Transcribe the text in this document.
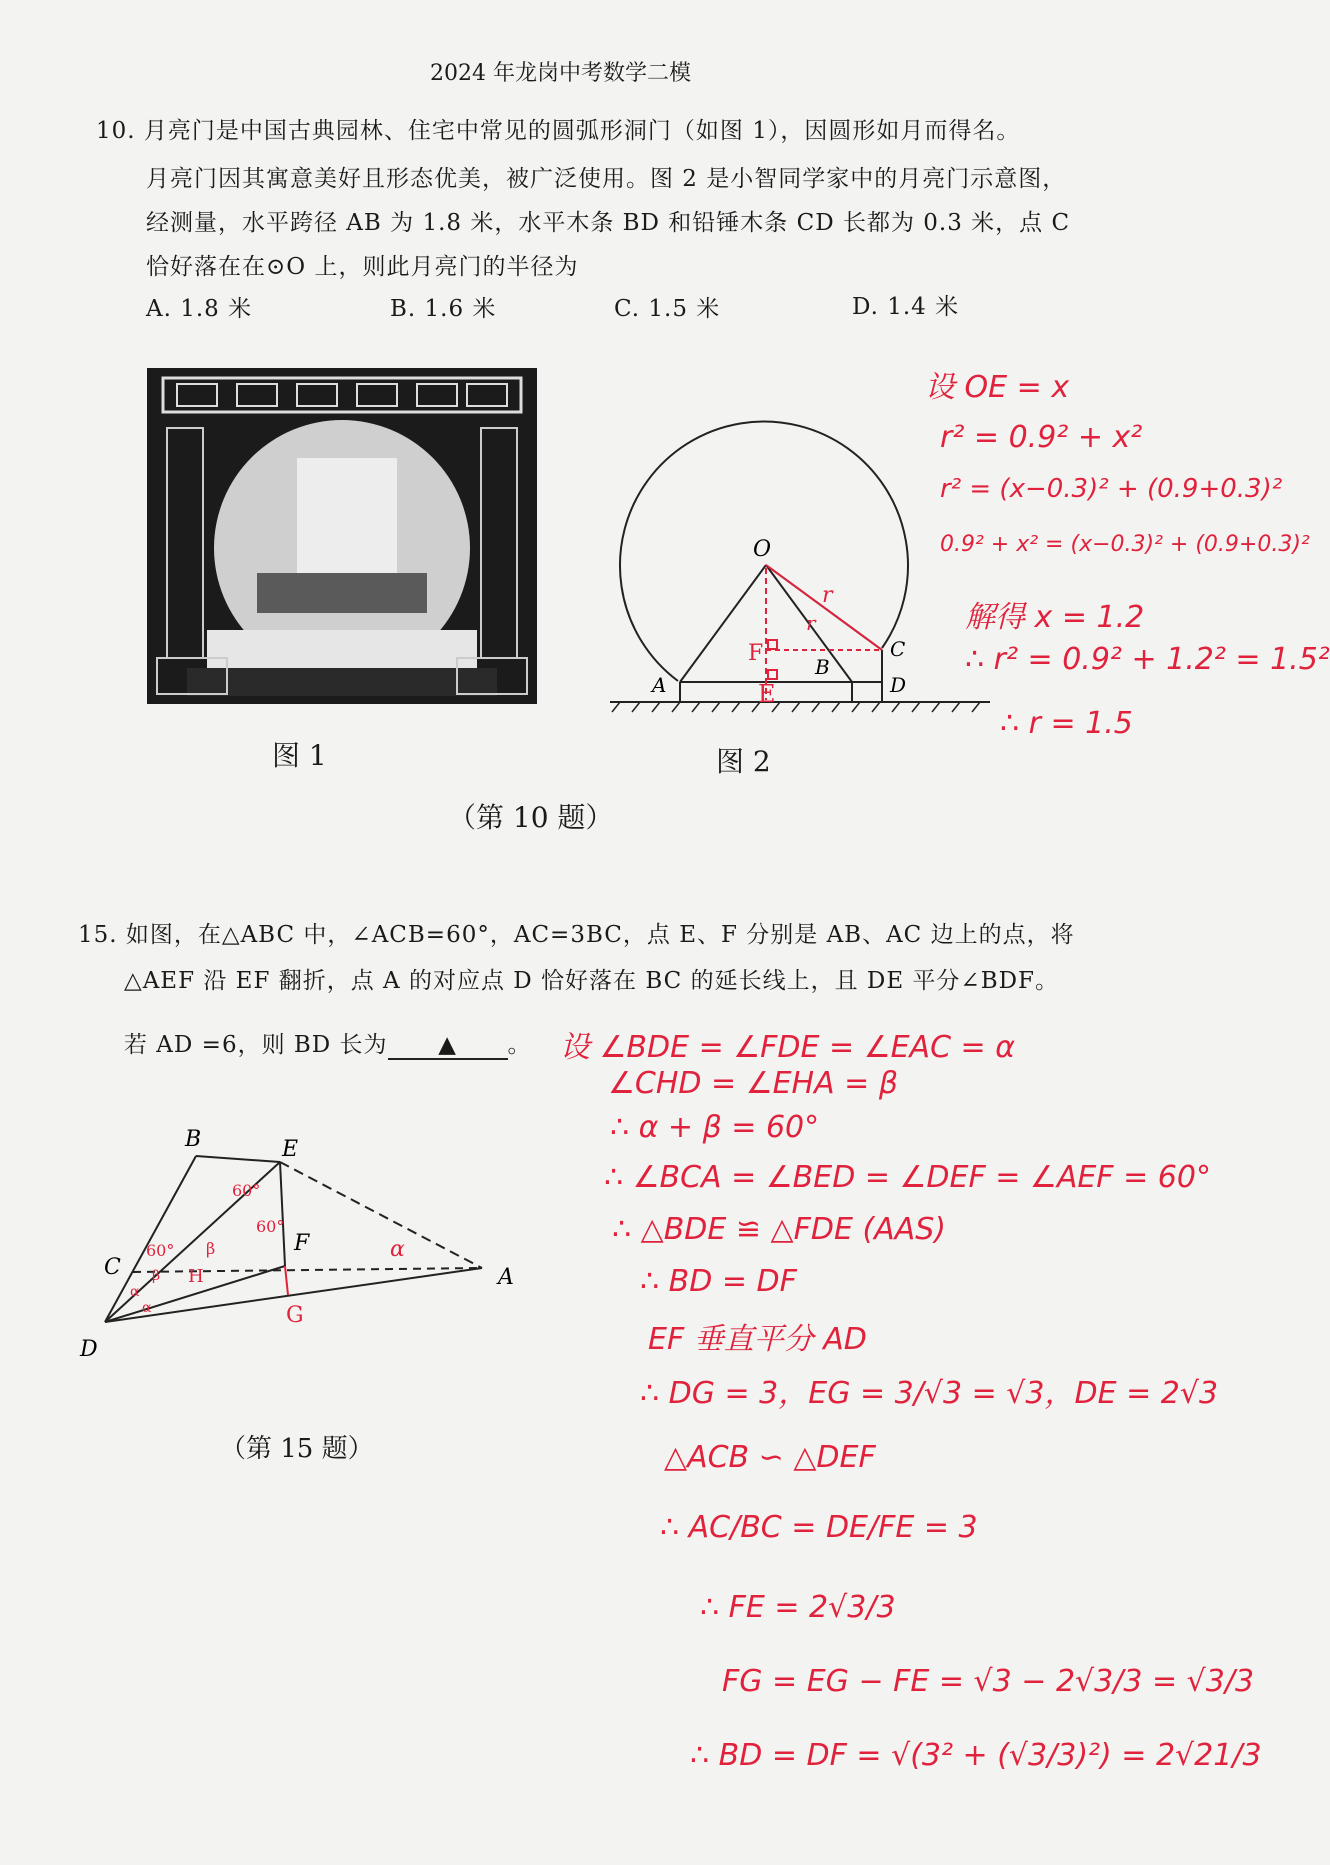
2024 年龙岗中考数学二模
10. 月亮门是中国古典园林、住宅中常见的圆弧形洞门（如图 1），因圆形如月而得名。
月亮门因其寓意美好且形态优美，被广泛使用。图 2 是小智同学家中的月亮门示意图，
经测量，水平跨径 AB 为 1.8 米，水平木条 BD 和铅锤木条 CD 长都为 0.3 米，点 C
恰好落在在⊙O 上，则此月亮门的半径为
A. 1.8 米	B. 1.6 米	C. 1.5 米	D. 1.4 米
O
A
B
C
D
F
E
r
r
图 1	图 2
（第 10 题）
设 OE = x
r² = 0.9² + x²
r² = (x−0.3)² + (0.9+0.3)²
0.9² + x² = (x−0.3)² + (0.9+0.3)²
解得 x = 1.2
∴ r² = 0.9² + 1.2² = 1.5²
∴ r = 1.5
15. 如图，在△ABC 中，∠ACB=60°，AC=3BC，点 E、F 分别是 AB、AC 边上的点，将
△AEF 沿 EF 翻折，点 A 的对应点 D 恰好落在 BC 的延长线上，且 DE 平分∠BDF。
若 AD =6，则 BD 长为 ▲ 。
B	E
C
F
A
D
G
H
60°
60°
60°	α
β
α
β
α
（第 15 题）
设 ∠BDE = ∠FDE = ∠EAC = α
∠CHD = ∠EHA = β
∴ α + β = 60°
∴ ∠BCA = ∠BED = ∠DEF = ∠AEF = 60°
∴ △BDE ≌ △FDE (AAS)
∴ BD = DF
EF 垂直平分 AD
∴ DG = 3，EG = 3/√3 = √3，DE = 2√3
△ACB ∽ △DEF
∴ AC/BC = DE/FE = 3
∴ FE = 2√3/3
FG = EG − FE = √3 − 2√3/3 = √3/3
∴ BD = DF = √(3² + (√3/3)²) = 2√21/3
